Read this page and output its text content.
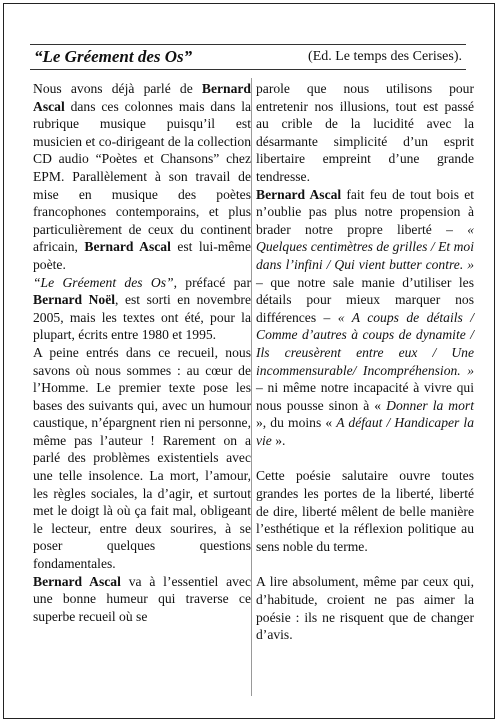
“Le Gréement des Os”	(Ed. Le temps des Cerises).

Nous avons déjà parlé de Bernard Ascal dans ces colonnes mais dans la rubrique musique puisqu’il est musicien et co-dirigeant de la collection CD audio “Poètes et Chansons” chez EPM. Parallèlement à son travail de mise en musique des poètes francophones contemporains, et plus particulièrement de ceux du continent africain, Bernard Ascal est lui-même poète.

“Le Gréement des Os”, préfacé par Bernard Noël, est sorti en novembre 2005, mais les textes ont été, pour la plupart, écrits entre 1980 et 1995.

A peine entrés dans ce recueil, nous savons où nous sommes : au cœur de l’Homme. Le premier texte pose les bases des suivants qui, avec un humour caustique, n’épargnent rien ni personne, même pas l’auteur ! Rarement on a parlé des problèmes existentiels avec une telle insolence. La mort, l’amour, les règles sociales, la d’agir, et surtout met le doigt là où ça fait mal, obligeant le lecteur, entre deux sourires, à se poser quelques questions fondamentales.

Bernard Ascal va à l’essentiel avec une bonne humeur qui traverse ce superbe recueil où se

parole que nous utilisons pour entretenir nos illusions, tout est passé au crible de la lucidité avec la désarmante simplicité d’un esprit libertaire empreint d’une grande tendresse.

Bernard Ascal fait feu de tout bois et n’oublie pas plus notre propension à brader notre propre liberté – « Quelques centimètres de grilles / Et moi dans l’infini / Qui vient butter contre. » – que notre sale manie d’utiliser les détails pour mieux marquer nos différences – « A coups de détails / Comme d’autres à coups de dynamite / Ils creusèrent entre eux / Une incommensurable/ Incompréhension. » – ni même notre incapacité à vivre qui nous pousse sinon à « Donner la mort », du moins « A défaut / Handicaper la vie ».

Cette poésie salutaire ouvre toutes grandes les portes de la liberté, liberté de dire, liberté mêlent de belle manière l’esthétique et la réflexion politique au sens noble du terme.

A lire absolument, même par ceux qui, d’habitude, croient ne pas aimer la poésie : ils ne risquent que de changer d’avis.
